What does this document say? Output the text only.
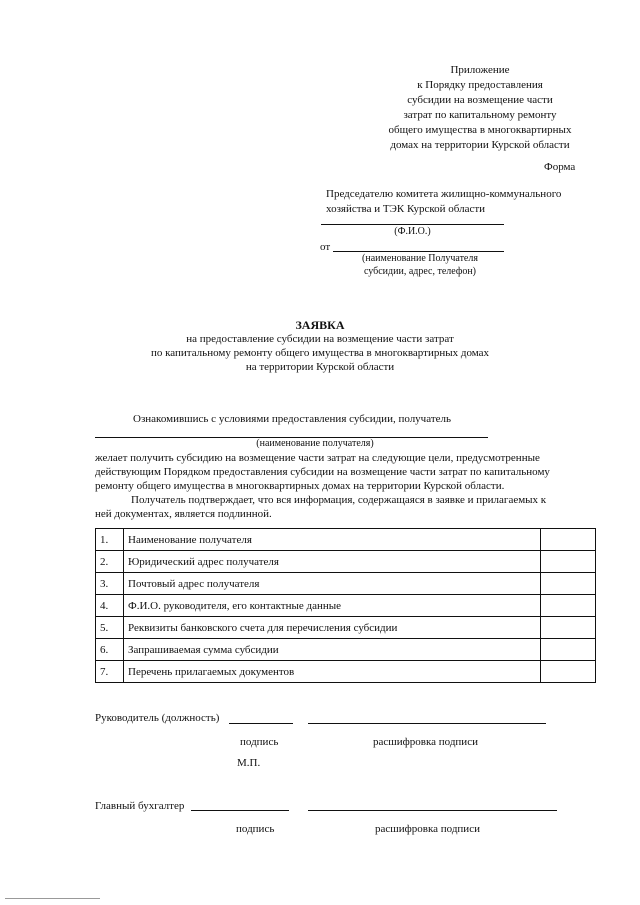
Приложение
к Порядку предоставления
субсидии на возмещение части
затрат по капитальному ремонту
общего имущества в многоквартирных
домах на территории Курской области
Форма
Председателю комитета жилищно-коммунального
хозяйства и ТЭК Курской области
(Ф.И.О.)
от
(наименование Получателя
субсидии, адрес, телефон)
ЗАЯВКА
на предоставление субсидии на возмещение части затрат
по капитальному ремонту общего имущества в многоквартирных домах
на территории Курской области
Ознакомившись с условиями предоставления субсидии, получатель
(наименование получателя)
желает получить субсидию на возмещение части затрат на следующие цели, предусмотренные
действующим Порядком предоставления субсидии на возмещение части затрат по капитальному
ремонту общего имущества в многоквартирных домах на территории Курской области.
Получатель подтверждает, что вся информация, содержащаяся в заявке и прилагаемых к
ней документах, является подлинной.
1.	Наименование получателя	
2.	Юридический адрес получателя	
3.	Почтовый адрес получателя	
4.	Ф.И.О. руководителя, его контактные данные	
5.	Реквизиты банковского счета для перечисления субсидии	
6.	Запрашиваемая сумма субсидии	
7.	Перечень прилагаемых документов	
Руководитель (должность)
подпись	расшифровка подписи
М.П.
Главный бухгалтер
подпись	расшифровка подписи
